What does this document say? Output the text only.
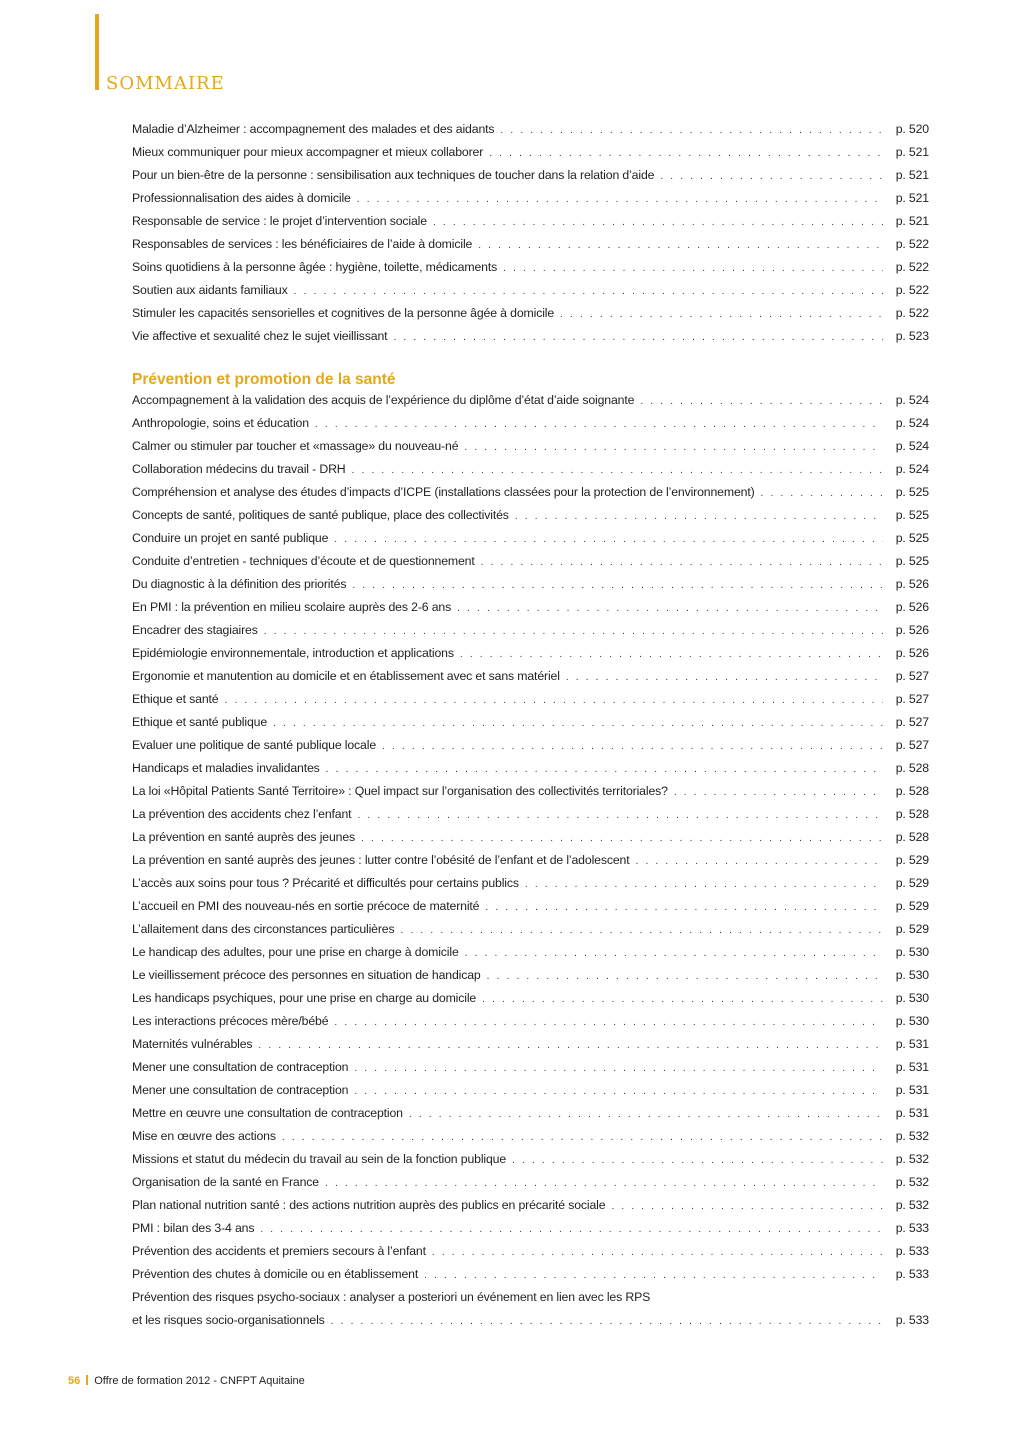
SOMMAIRE
Maladie d’Alzheimer : accompagnement des malades et des aidants . . .	p. 520
Mieux communiquer pour mieux accompagner et mieux collaborer . . .	p. 521
Pour un bien-être de la personne : sensibilisation aux techniques de toucher dans la relation d’aide . . .	p. 521
Professionnalisation des aides à domicile . . .	p. 521
Responsable de service : le projet d’intervention sociale . . .	p. 521
Responsables de services : les bénéficiaires de l’aide à domicile . . .	p. 522
Soins quotidiens à la personne âgée : hygiène, toilette, médicaments . . .	p. 522
Soutien aux aidants familiaux . . .	p. 522
Stimuler les capacités sensorielles et cognitives de la personne âgée à domicile . . .	p. 522
Vie affective et sexualité chez le sujet vieillissant . . .	p. 523
Prévention et promotion de la santé
Accompagnement à la validation des acquis de l’expérience du diplôme d’état d’aide soignante . . .	p. 524
Anthropologie, soins et éducation . . .	p. 524
Calmer ou stimuler par toucher et «massage» du nouveau-né . . .	p. 524
Collaboration médecins du travail - DRH . . .	p. 524
Compréhension et analyse des études d’impacts d’ICPE (installations classées pour la protection de l’environnement) . . .	p. 525
Concepts de santé, politiques de santé publique, place des collectivités . . .	p. 525
Conduire un projet en santé publique . . .	p. 525
Conduite d’entretien - techniques d’écoute et de questionnement . . .	p. 525
Du diagnostic à la définition des priorités . . .	p. 526
En PMI : la prévention en milieu scolaire auprès des 2-6 ans . . .	p. 526
Encadrer des stagiaires . . .	p. 526
Epidémiologie environnementale, introduction et applications . . .	p. 526
Ergonomie et manutention au domicile et en établissement avec et sans matériel . . .	p. 527
Ethique et santé . . .	p. 527
Ethique et santé publique . . .	p. 527
Evaluer une politique de santé publique locale . . .	p. 527
Handicaps et maladies invalidantes . . .	p. 528
La loi «Hôpital Patients Santé Territoire» : Quel impact sur l’organisation des collectivités territoriales? . . .	p. 528
La prévention des accidents chez l’enfant . . .	p. 528
La prévention en santé auprès des jeunes . . .	p. 528
La prévention en santé auprès des jeunes : lutter contre l’obésité de l’enfant et de l’adolescent . . .	p. 529
L’accès aux soins pour tous ? Précarité et difficultés pour certains publics . . .	p. 529
L’accueil en PMI des nouveau-nés en sortie précoce de maternité . . .	p. 529
L’allaitement dans des circonstances particulières . . .	p. 529
Le handicap des adultes, pour une prise en charge à domicile . . .	p. 530
Le vieillissement précoce des personnes en situation de handicap . . .	p. 530
Les handicaps psychiques, pour une prise en charge au domicile . . .	p. 530
Les interactions précoces mère/bébé . . .	p. 530
Maternités vulnérables . . .	p. 531
Mener une consultation de contraception . . .	p. 531
Mener une consultation de contraception . . .	p. 531
Mettre en œuvre une consultation de contraception . . .	p. 531
Mise en œuvre des actions . . .	p. 532
Missions et statut du médecin du travail au sein de la fonction publique . . .	p. 532
Organisation de la santé en France . . .	p. 532
Plan national nutrition santé : des actions nutrition auprès des publics en précarité sociale . . .	p. 532
PMI : bilan des 3-4 ans . . .	p. 533
Prévention des accidents et premiers secours à l’enfant . . .	p. 533
Prévention des chutes à domicile ou en établissement . . .	p. 533
Prévention des risques psycho-sociaux : analyser a posteriori un événement en lien avec les RPS
et les risques socio-organisationnels . . .	p. 533
56 Offre de formation 2012 - CNFPT Aquitaine
